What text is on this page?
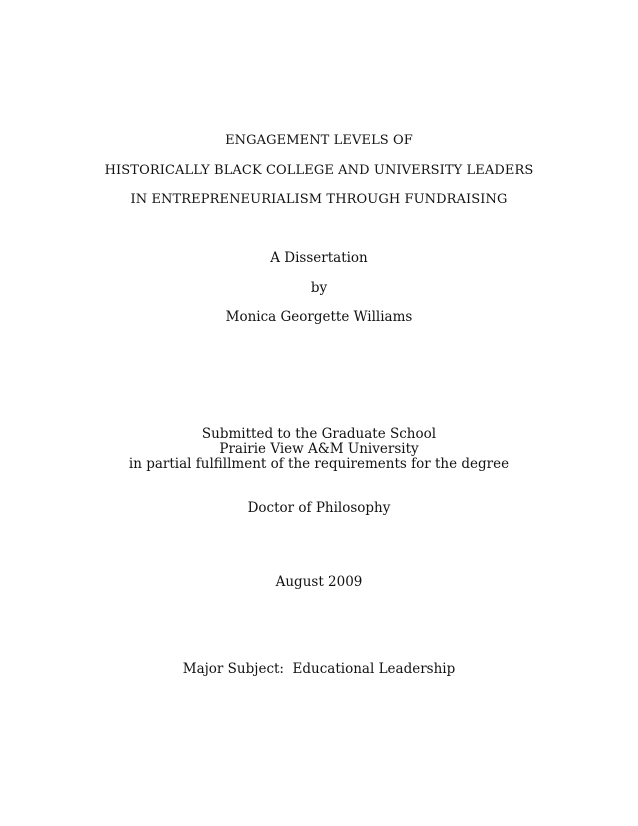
ENGAGEMENT LEVELS OF
HISTORICALLY BLACK COLLEGE AND UNIVERSITY LEADERS
IN ENTREPRENEURIALISM THROUGH FUNDRAISING
A Dissertation
by
Monica Georgette Williams
Submitted to the Graduate School
Prairie View A&M University
in partial fulfillment of the requirements for the degree
Doctor of Philosophy
August 2009
Major Subject:  Educational Leadership
